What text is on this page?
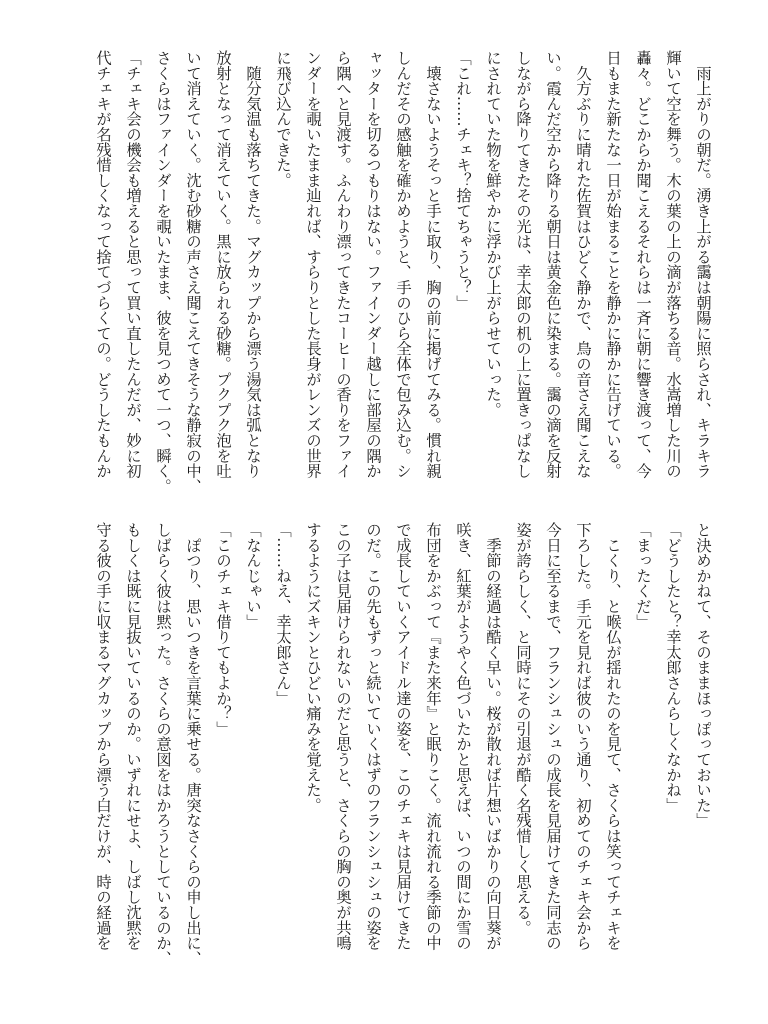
　雨上がりの朝だ。湧き上がる靄は朝陽に照らされ、キラキラ
輝いて空を舞う。木の葉の上の滴が落ちる音。水嵩増した川の
轟々。どこからか聞こえるそれらは一斉に朝に響き渡って、今
日もまた新たな一日が始まることを静かに静かに告げている。
　久方ぶりに晴れた佐賀はひどく静かで、鳥の音さえ聞こえな
い。霞んだ空から降りる朝日は黄金色に染まる。靄の滴を反射
しながら降りてきたその光は、幸太郎の机の上に置きっぱなし
にされていた物を鮮やかに浮かび上がらせていった。
「これ……チェキ？捨てちゃうと？」
　壊さないようそっと手に取り、胸の前に掲げてみる。慣れ親
しんだその感触を確かめようと、手のひら全体で包み込む。シ
ャッターを切るつもりはない。ファインダー越しに部屋の隅か
ら隅へと見渡す。ふんわり漂ってきたコーヒーの香りをファイ
ンダーを覗いたまま辿れば、すらりとした長身がレンズの世界
に飛び込んできた。
　随分気温も落ちてきた。マグカップから漂う湯気は弧となり
放射となって消えていく。黒に放られる砂糖。プクプク泡を吐
いて消えていく。沈む砂糖の声さえ聞こえてきそうな静寂の中、
さくらはファインダーを覗いたまま、彼を見つめて一つ、瞬く。
「チェキ会の機会も増えると思って買い直したんだが、妙に初
代チェキが名残惜しくなって捨てづらくての。どうしたもんか
と決めかねて、そのままほっぽっておいた」
「どうしたと？幸太郎さんらしくなかね」
「まったくだ」
　こくり、と喉仏が揺れたのを見て、さくらは笑ってチェキを
下ろした。手元を見れば彼のいう通り、初めてのチェキ会から
今日に至るまで、フランシュシュの成長を見届けてきた同志の
姿が誇らしく、と同時にその引退が酷く名残惜しく思える。
　季節の経過は酷く早い。桜が散れば片想いばかりの向日葵が
咲き、紅葉がようやく色づいたかと思えば、いつの間にか雪の
布団をかぶって『また来年』と眠りこく。流れ流れる季節の中
で成長していくアイドル達の姿を、このチェキは見届けてきた
のだ。この先もずっと続いていくはずのフランシュシュの姿を
この子は見届けられないのだと思うと、さくらの胸の奥が共鳴
するようにズキンとひどい痛みを覚えた。
「……ねえ、幸太郎さん」
「なんじゃい」
「このチェキ借りてもよか？」
　ぽつり、思いつきを言葉に乗せる。唐突なさくらの申し出に、
しばらく彼は黙った。さくらの意図をはかろうとしているのか、
もしくは既に見抜いているのか。いずれにせよ、しばし沈黙を
守る彼の手に収まるマグカップから漂う白だけが、時の経過を
